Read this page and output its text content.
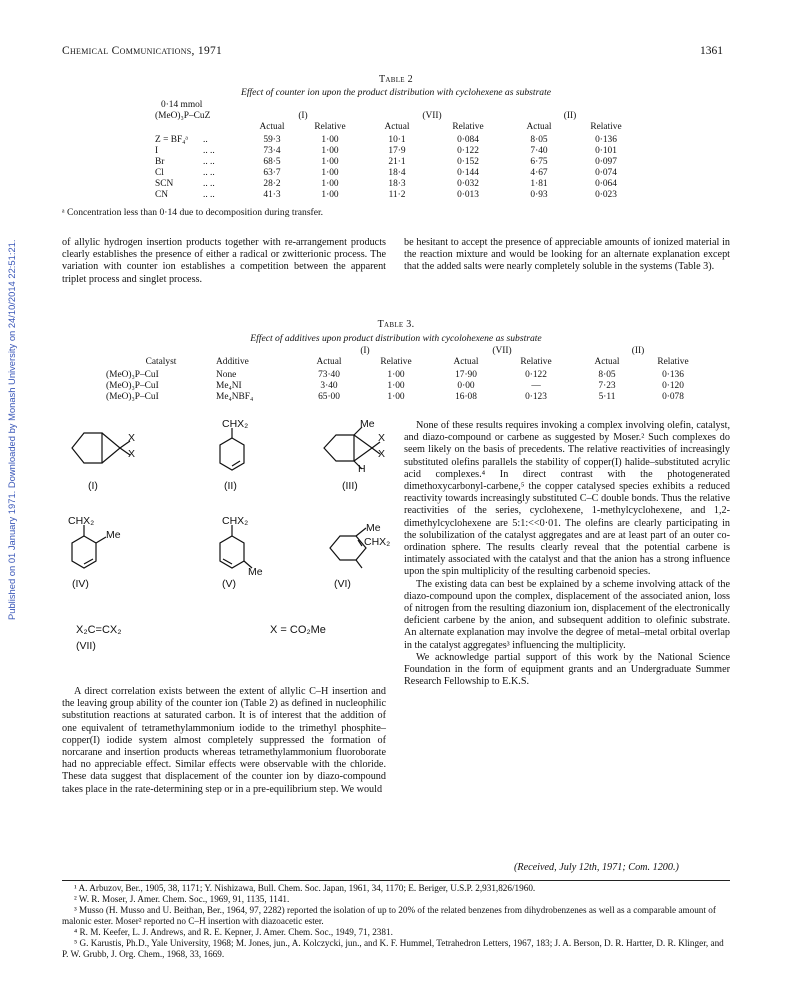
Published on 01 January 1971. Downloaded by Monash University on 24/10/2014 22:51:21.
Chemical Communications, 1971	1361
Table 2
Effect of counter ion upon the product distribution with cyclohexene as substrate
0·14 mmol							
(MeO)₃P–CuZ		(I)		(VII)		(II)	
		Actual	Relative	Actual	Relative	Actual	Relative

Z = BF₄ᵃ	..	59·3	1·00	10·1	0·084	8·05	0·136
I	.. ..	73·4	1·00	17·9	0·122	7·40	0·101
Br	.. ..	68·5	1·00	21·1	0·152	6·75	0·097
Cl	.. ..	63·7	1·00	18·4	0·144	4·67	0·074
SCN	.. ..	28·2	1·00	18·3	0·032	1·81	0·064
CN	.. ..	41·3	1·00	11·2	0·013	0·93	0·023
ᵃ Concentration less than 0·14 due to decomposition during transfer.

of allylic hydrogen insertion products together with re-arrangement products clearly establishes the presence of either a radical or zwitterionic process. The variation with counter ion establishes a competition between the apparent triplet process and singlet process.

be hesitant to accept the presence of appreciable amounts of ionized material in the reaction mixture and would be looking for an alternate explanation except that the added salts were nearly completely soluble in the systems (Table 3).

Table 3.
Effect of additives upon product distribution with cycolohexene as substrate
		(I)		(VII)		(II)	
Catalyst	Additive	Actual	Relative	Actual	Relative	Actual	Relative

(MeO)₃P–CuI	None	73·40	1·00	17·90	0·122	8·05	0·136
(MeO)₃P–CuI	Me₄NI	3·40	1·00	0·00	—	7·23	0·120
(MeO)₃P–CuI	Me₄NBF₄	65·00	1·00	16·08	0·123	5·11	0·078
X
X
(I)
CHX₂
(II)
Me
X
X
H
(III)
CHX₂
Me
(IV)
CHX₂
Me
(V)
Me
CHX₂
(VI)
X₂C=CX₂
(VII)
X = CO₂Me

A direct correlation exists between the extent of allylic C–H insertion and the leaving group ability of the counter ion (Table 2) as defined in nucleophilic substitution reactions at saturated carbon. It is of interest that the addition of one equivalent of tetramethylammonium iodide to the trimethyl phosphite–copper(I) iodide system almost completely suppressed the formation of norcarane and insertion products whereas tetramethylammonium fluoroborate had no appreciable effect. Similar effects were observable with the chloride. These data suggest that displacement of the counter ion by diazo-compound takes place in the rate-determining step or in a pre-equilibrium step. We would

None of these results requires invoking a complex involving olefin, catalyst, and diazo-compound or carbene as suggested by Moser.² Such complexes do seem likely on the basis of precedents. The relative reactivities of increasingly substituted olefins parallels the stability of copper(I) halide–substituted acrylic acid complexes.⁴ In direct contrast with the photogenerated dimethoxycarbonyl-carbene,⁵ the copper catalysed species exhibits a reduced reactivity towards increasingly substituted C–C double bonds. Thus the relative reactivities of the series, cyclohexene, 1-methylcyclohexene, and 1,2-dimethylcyclohexene are 5:1:<<0·01. The olefins are clearly participating in the solubilization of the catalyst aggregates and are at least part of an outer co-ordination sphere. The results clearly reveal that the potential carbene is intimately associated with the catalyst and that the anion has a strong influence upon the spin multiplicity of the resulting carbenoid species.

The existing data can best be explained by a scheme involving attack of the diazo-compound upon the complex, displacement of the associated anion, loss of nitrogen from the resulting diazonium ion, displacement of the electronically deficient carbene by the anion, and subsequent addition to olefinic substrate. An alternate explanation may involve the degree of metal–metal orbital overlap in the catalyst aggregates³ influencing the multiplicity.

We acknowledge partial support of this work by the National Science Foundation in the form of equipment grants and an Undergraduate Summer Research Fellowship to E.K.S.

(Received, July 12th, 1971; Com. 1200.)

¹ A. Arbuzov, Ber., 1905, 38, 1171; Y. Nishizawa, Bull. Chem. Soc. Japan, 1961, 34, 1170; E. Beriger, U.S.P. 2,931,826/1960.

² W. R. Moser, J. Amer. Chem. Soc., 1969, 91, 1135, 1141.

³ Musso (H. Musso and U. Beithan, Ber., 1964, 97, 2282) reported the isolation of up to 20% of the related benzenes from dihydrobenzenes as well as a comparable amount of malonic ester. Moser² reported no C–H insertion with diazoacetic ester.

⁴ R. M. Keefer, L. J. Andrews, and R. E. Kepner, J. Amer. Chem. Soc., 1949, 71, 2381.

⁵ G. Karustis, Ph.D., Yale University, 1968; M. Jones, jun., A. Kolczycki, jun., and K. F. Hummel, Tetrahedron Letters, 1967, 183; J. A. Berson, D. R. Hartter, D. R. Klinger, and P. W. Grubb, J. Org. Chem., 1968, 33, 1669.
